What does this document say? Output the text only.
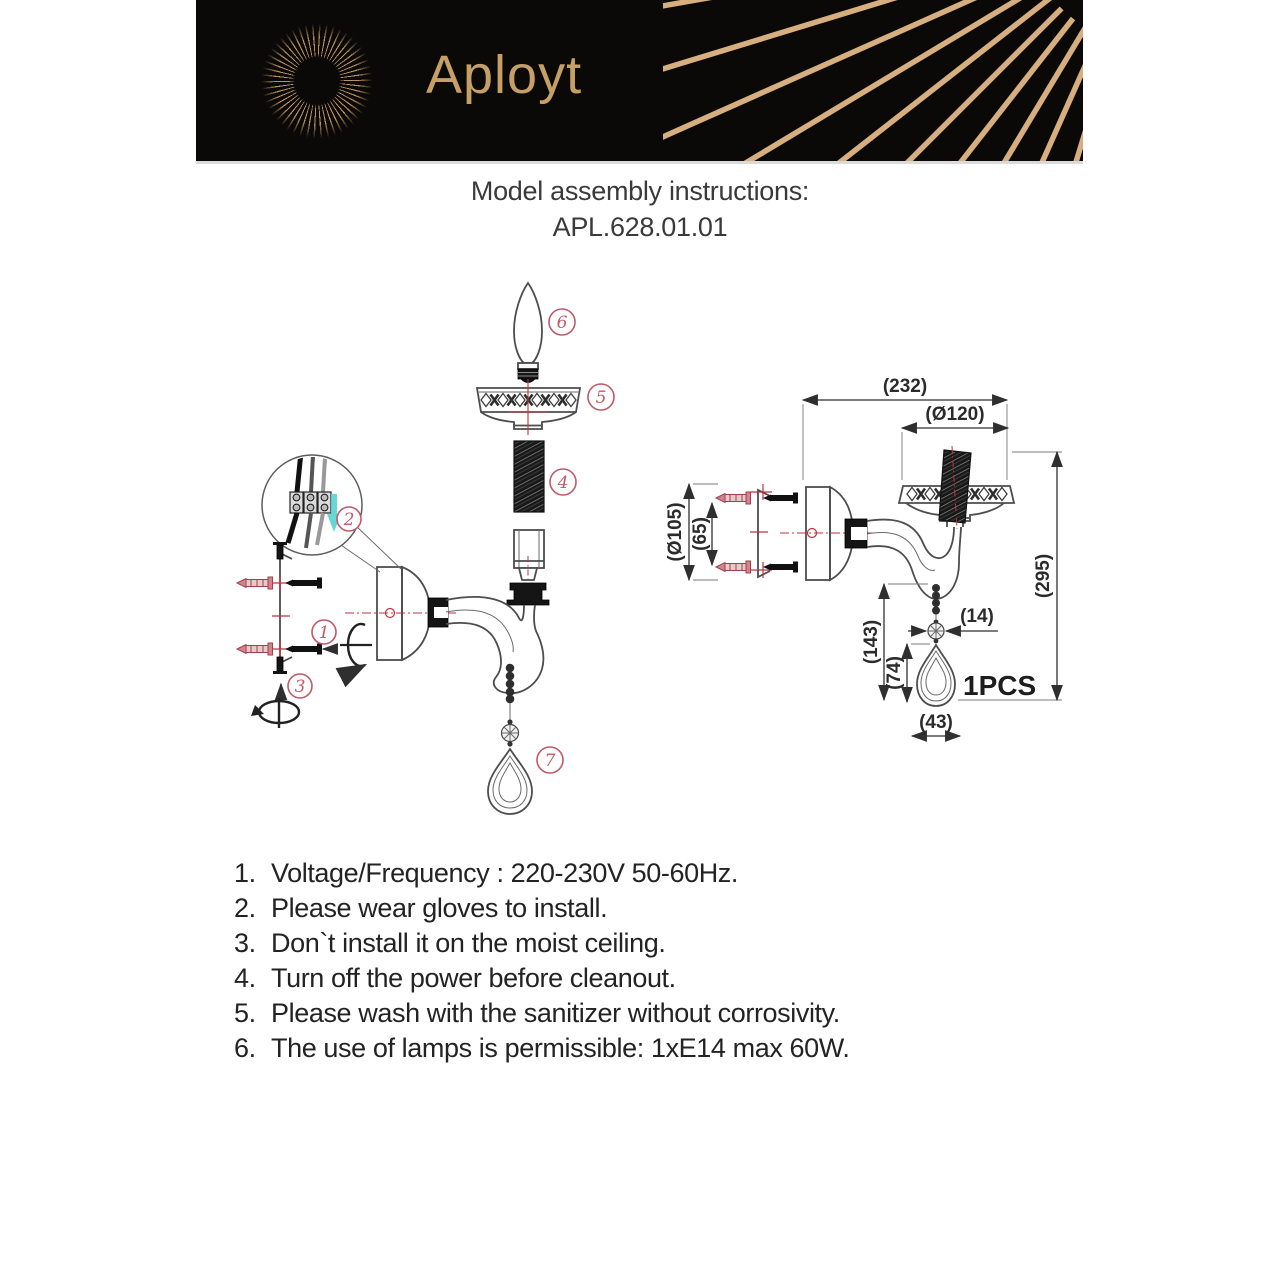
Aployt
Model assembly instructions:
APL.628.01.01
6
5
4
2
1
3
7
(232)
(Ø120)
(295)
(Ø105) (65)
(143)
(74)
(14)
(43)
1PCS
1. Voltage/Frequency : 220-230V 50-60Hz.
2. Please wear gloves to install.
3. Don`t install it on the moist ceiling.
4. Turn off the power before cleanout.
5. Please wash with the sanitizer without corrosivity.
6. The use of lamps is permissible: 1xE14 max 60W.
